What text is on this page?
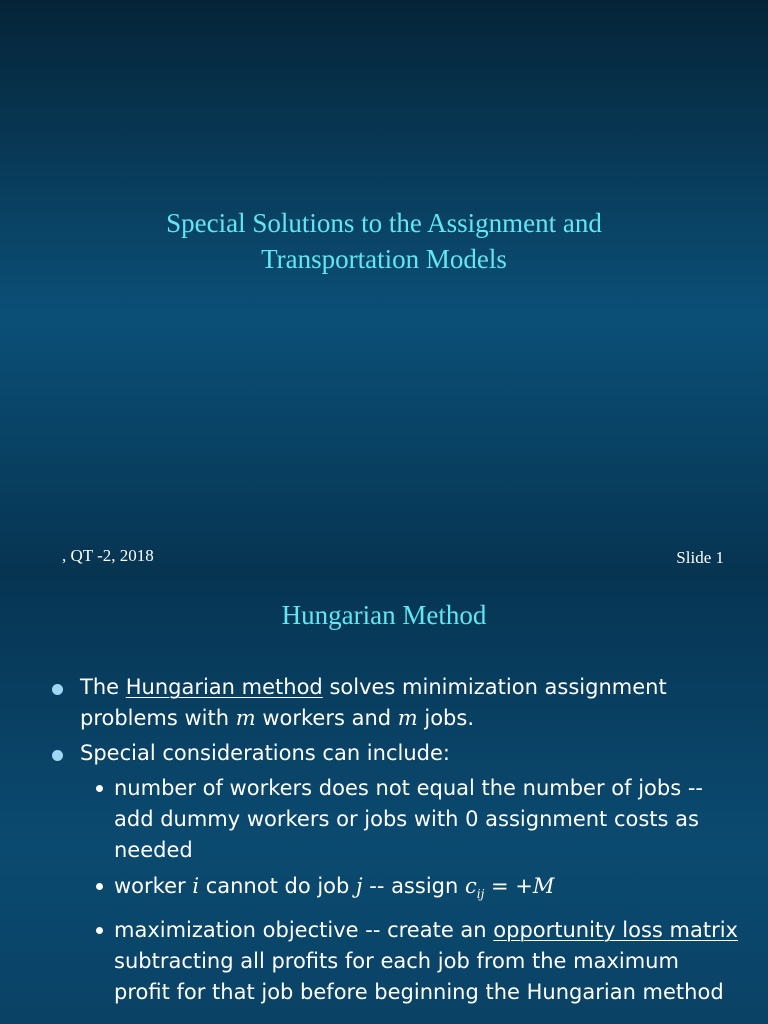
Special Solutions to the Assignment and
Transportation Models
, QT -2, 2018	Slide 1
Hungarian Method
The Hungarian method solves minimization assignment problems with m workers and m jobs.
Special considerations can include:
number of workers does not equal the number of jobs -- add dummy workers or jobs with 0 assignment costs as needed
worker i cannot do job j -- assign $c_{ij} = +M$
maximization objective -- create an opportunity loss matrix subtracting all profits for each job from the maximum profit for that job before beginning the Hungarian method
